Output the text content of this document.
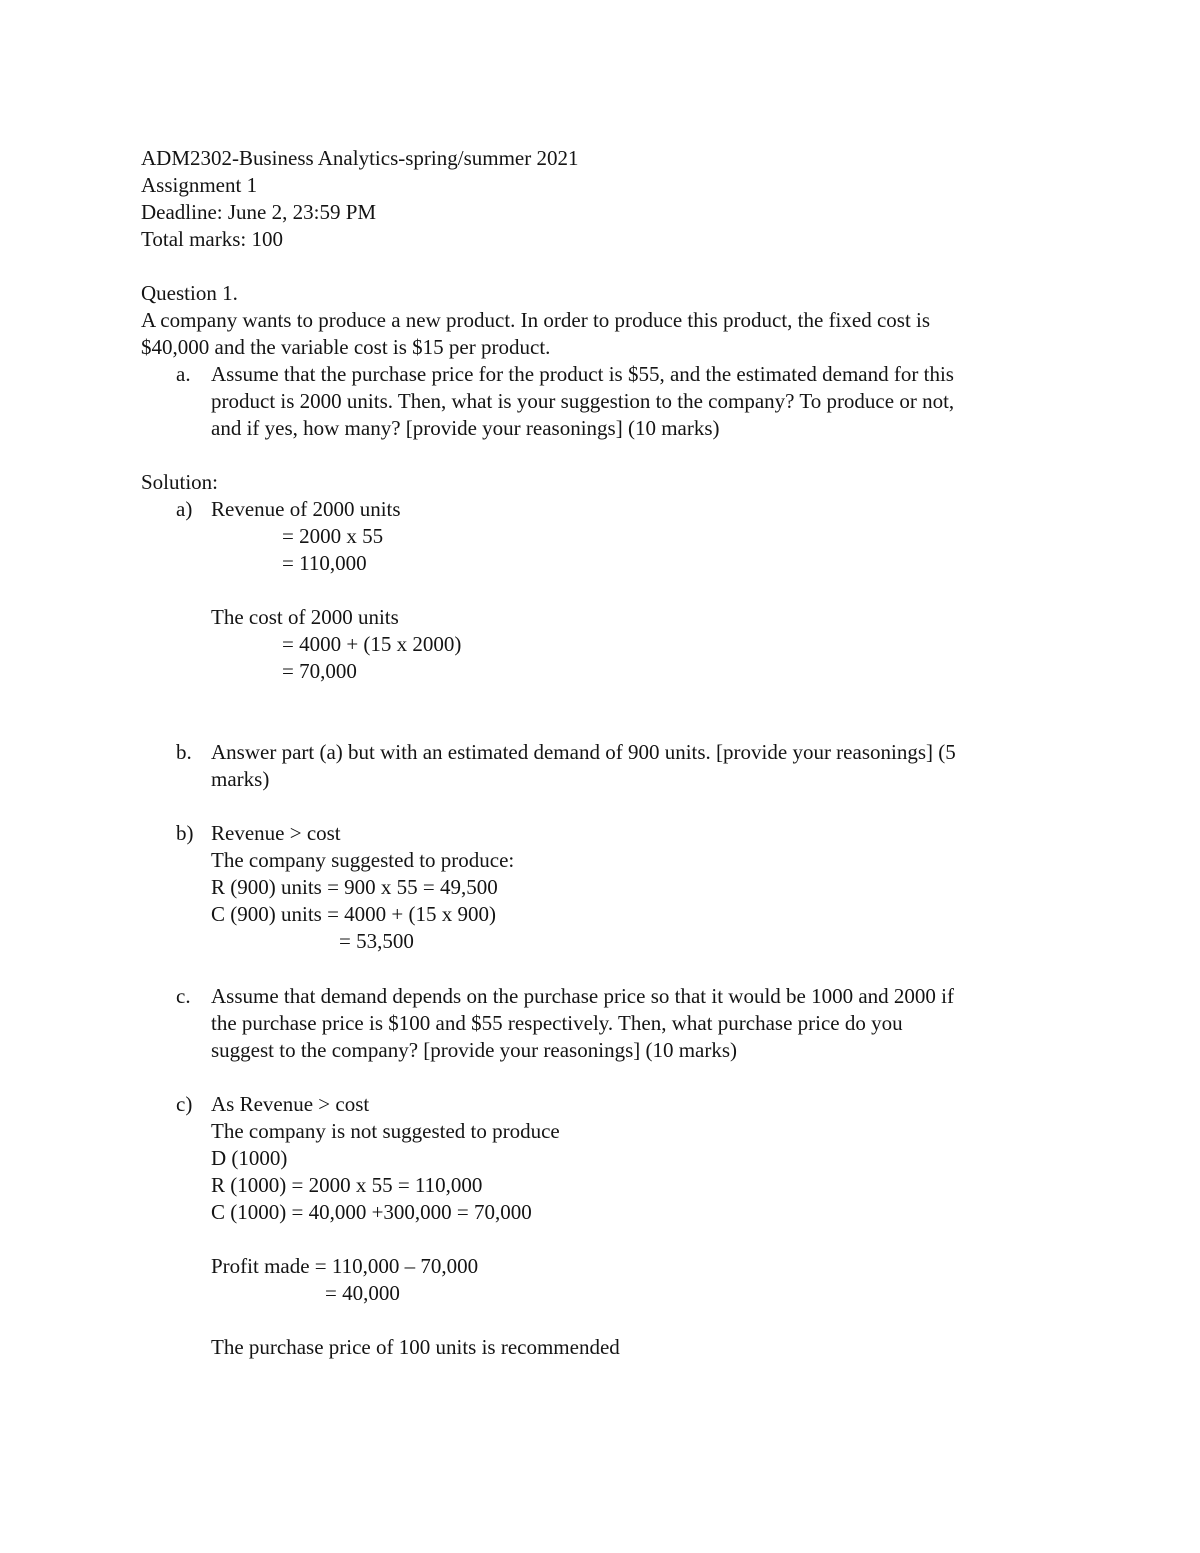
ADM2302-Business Analytics-spring/summer 2021

Assignment 1

Deadline: June 2, 23:59 PM

Total marks: 100

Question 1.

A company wants to produce a new product. In order to produce this product, the fixed cost is

$40,000 and the variable cost is $15 per product.

a. Assume that the purchase price for the product is $55, and the estimated demand for this

product is 2000 units. Then, what is your suggestion to the company? To produce or not,

and if yes, how many? [provide your reasonings] (10 marks)

Solution:

a) Revenue of 2000 units

= 2000 x 55

= 110,000

The cost of 2000 units

= 4000 + (15 x 2000)

= 70,000

b. Answer part (a) but with an estimated demand of 900 units. [provide your reasonings] (5

marks)

b) Revenue > cost

The company suggested to produce:

R (900) units = 900 x 55 = 49,500

C (900) units = 4000 + (15 x 900)

= 53,500

c. Assume that demand depends on the purchase price so that it would be 1000 and 2000 if

the purchase price is $100 and $55 respectively. Then, what purchase price do you

suggest to the company? [provide your reasonings] (10 marks)

c) As Revenue > cost

The company is not suggested to produce

D (1000)

R (1000) = 2000 x 55 = 110,000

C (1000) = 40,000 +300,000 = 70,000

Profit made = 110,000 – 70,000

= 40,000

The purchase price of 100 units is recommended
